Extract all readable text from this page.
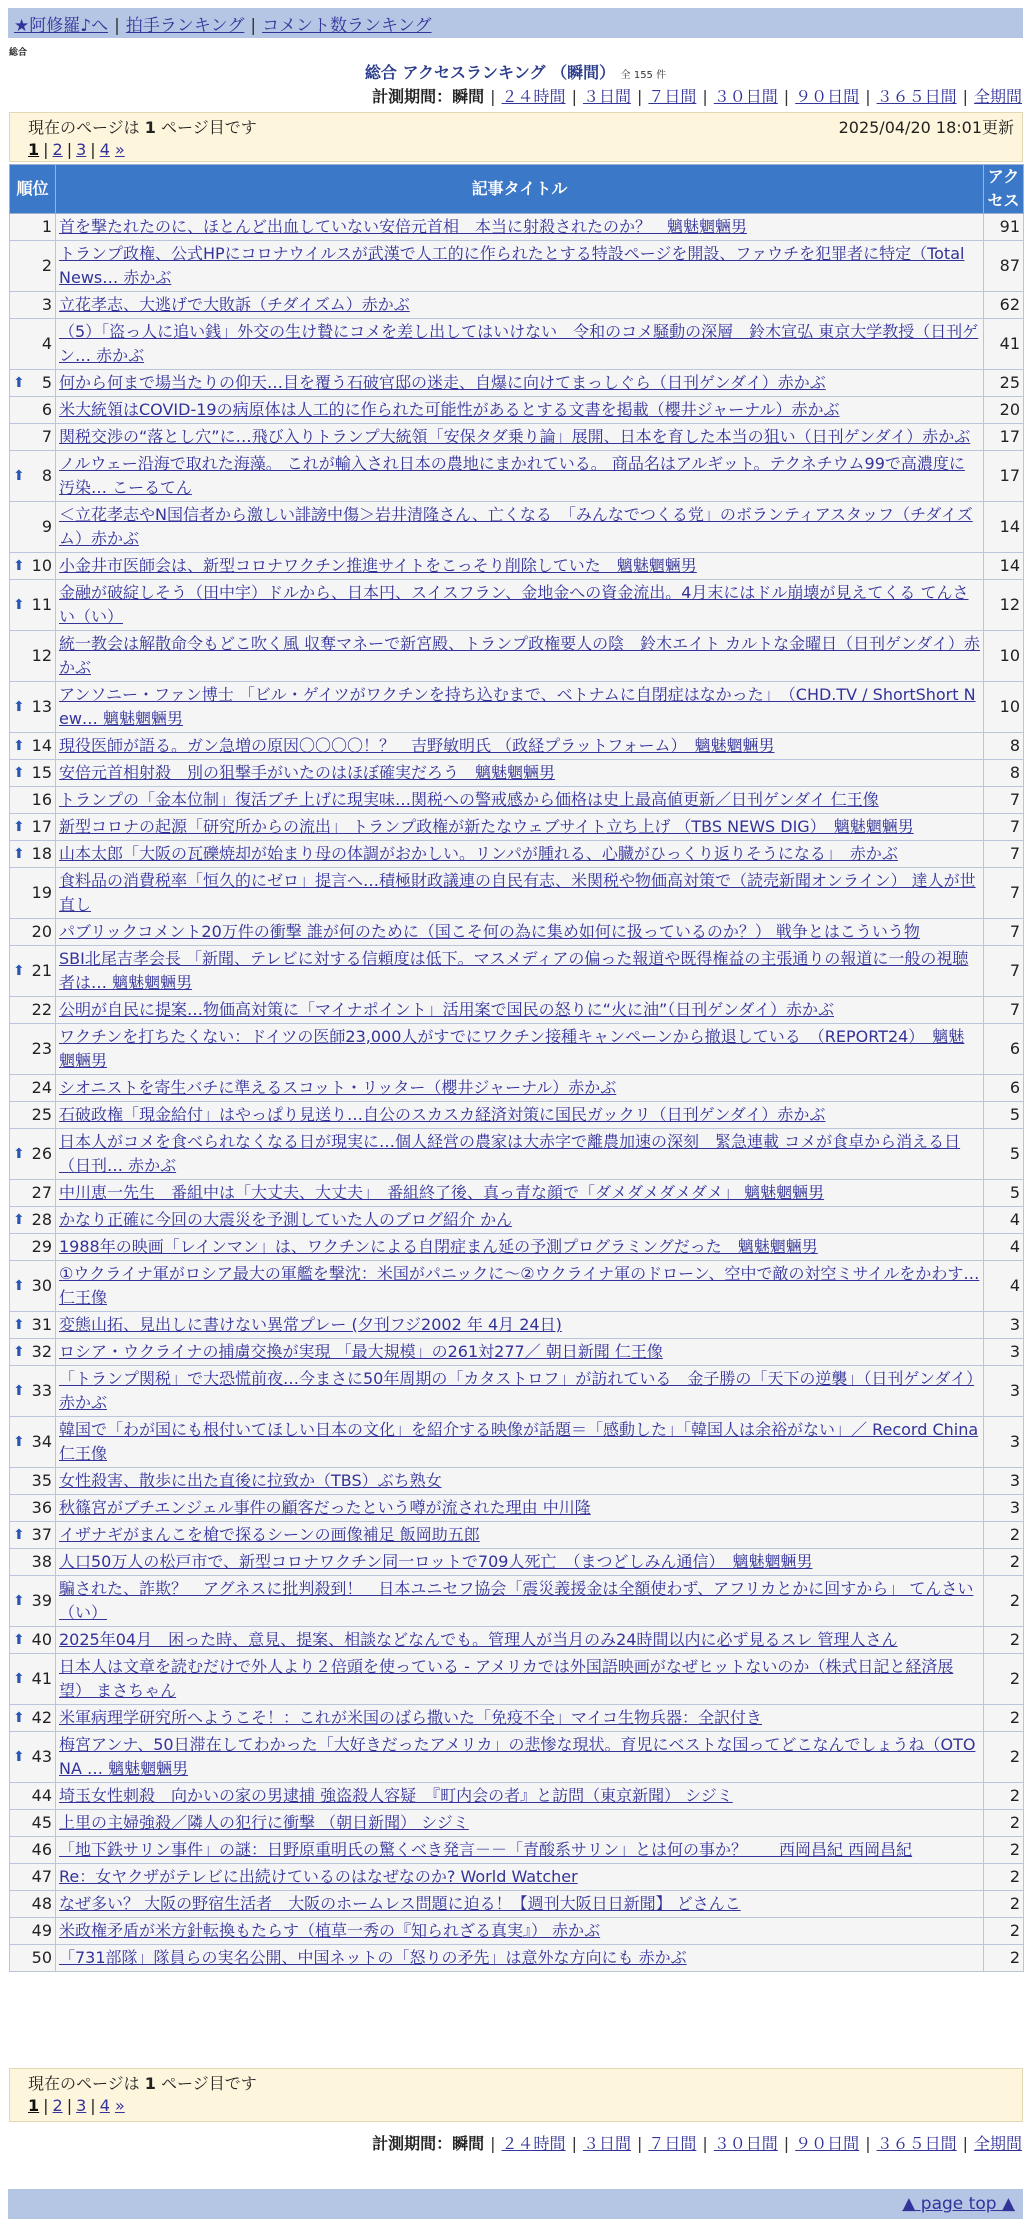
★阿修羅♪へ | 拍手ランキング | コメント数ランキング
総合
総合 アクセスランキング （瞬間） 全 155 件
計測期間：瞬間 | ２４時間 | ３日間 | ７日間 | ３０日間 | ９０日間 | ３６５日間 | 全期間
現在のページは 1 ページ目です	2025/04/20 18:01更新
1 | 2 | 3 | 4 »
順位	記事タイトル	アクセス
1	首を撃たれたのに、ほとんど出血していない安倍元首相　本当に射殺されたのか？　魑魅魍魎男	91
2	トランプ政権、公式HPにコロナウイルスが武漢で人工的に作られたとする特設ページを開設、ファウチを犯罪者に特定（Total News… 赤かぶ	87
3	立花孝志、大逃げで大敗訴（チダイズム）赤かぶ	62
4	（5）「盗っ人に追い銭」外交の生け贄にコメを差し出してはいけない　令和のコメ騒動の深層　鈴木宣弘 東京大学教授（日刊ゲン… 赤かぶ	41

⬆ 5	何から何まで場当たりの仰天…目を覆う石破官邸の迷走、自爆に向けてまっしぐら（日刊ゲンダイ）赤かぶ	25
6	米大統領はCOVID-19の病原体は人工的に作られた可能性があるとする文書を掲載（櫻井ジャーナル）赤かぶ	20
7	関税交渉の“落とし穴”に…飛び入りトランプ大統領「安保タダ乗り論」展開、日本を育した本当の狙い（日刊ゲンダイ）赤かぶ	17

⬆ 8	ノルウェー沿海で取れた海藻。 これが輸入され日本の農地にまかれている。 商品名はアルギット。テクネチウム99で高濃度に汚染… こーるてん	17
9	＜立花孝志やN国信者から激しい誹謗中傷＞岩井清隆さん、亡くなる　「みんなでつくる党」のボランティアスタッフ（チダイズム）赤かぶ	14

⬆ 10	小金井市医師会は、新型コロナワクチン推進サイトをこっそり削除していた　魑魅魍魎男	14

⬆ 11	金融が破綻しそう（田中宇）ドルから、日本円、スイスフラン、金地金への資金流出。4月末にはドル崩壊が見えてくる てんさい（い）	12
12	統一教会は解散命令もどこ吹く風 収奪マネーで新宮殿、トランプ政権要人の陰　鈴木エイト カルトな金曜日（日刊ゲンダイ）赤かぶ	10

⬆ 13	アンソニー・ファン博士 「ビル・ゲイツがワクチンを持ち込むまで、ベトナムに自閉症はなかった」　（CHD.TV / ShortShort New… 魑魅魍魎男	10

⬆ 14	現役医師が語る。ガン急増の原因〇〇〇〇！？　吉野敏明氏 （政経プラットフォーム）　魑魅魍魎男	8

⬆ 15	安倍元首相射殺　別の狙撃手がいたのはほぼ確実だろう　魑魅魍魎男	8
16	トランプの「金本位制」復活ブチ上げに現実味…関税への警戒感から価格は史上最高値更新／日刊ゲンダイ 仁王像	7

⬆ 17	新型コロナの起源「研究所からの流出」 トランプ政権が新たなウェブサイト立ち上げ （TBS NEWS DIG）　魑魅魍魎男	7

⬆ 18	山本太郎「大阪の瓦礫焼却が始まり母の体調がおかしい。リンパが腫れる、心臓がひっくり返りそうになる」　赤かぶ	7
19	食料品の消費税率「恒久的にゼロ」提言へ…積極財政議連の自民有志、米関税や物価高対策で（読売新聞オンライン） 達人が世直し	7
20	パブリックコメント20万件の衝撃 誰が何のために（国こそ何の為に集め如何に扱っているのか？） 戦争とはこういう物	7

⬆ 21	SBI北尾吉孝会長 「新聞、テレビに対する信頼度は低下。マスメディアの偏った報道や既得権益の主張通りの報道に一般の視聴者は… 魑魅魍魎男	7
22	公明が自民に提案…物価高対策に「マイナポイント」活用案で国民の怒りに“火に油”（日刊ゲンダイ）赤かぶ	7
23	ワクチンを打ちたくない：ドイツの医師23,000人がすでにワクチン接種キャンペーンから撤退している　（REPORT24）　魑魅魍魎男	6
24	シオニストを寄生バチに準えるスコット・リッター（櫻井ジャーナル）赤かぶ	6
25	石破政権「現金給付」はやっぱり見送り…自公のスカスカ経済対策に国民ガックリ（日刊ゲンダイ）赤かぶ	5

⬆ 26	日本人がコメを食べられなくなる日が現実に…個人経営の農家は大赤字で離農加速の深刻　緊急連載 コメが食卓から消える日（日刊… 赤かぶ	5
27	中川恵一先生　番組中は「大丈夫、大丈夫」　番組終了後、真っ青な顔で「ダメダメダメダメ」 魑魅魍魎男	5

⬆ 28	かなり正確に今回の大震災を予測していた人のブログ紹介 かん	4
29	1988年の映画「レインマン」は、ワクチンによる自閉症まん延の予測プログラミングだった　魑魅魍魎男	4

⬆ 30	①ウクライナ軍がロシア最大の軍艦を撃沈：米国がパニックに～②ウクライナ軍のドローン、空中で敵の対空ミサイルをかわす… 仁王像	4

⬆ 31	変態山拓、見出しに書けない異常プレー (夕刊フジ2002 年 4月 24日)	3

⬆ 32	ロシア・ウクライナの捕虜交換が実現 「最大規模」の261対277／ 朝日新聞 仁王像	3

⬆ 33	「トランプ関税」で大恐慌前夜…今まさに50年周期の「カタストロフ」が訪れている　金子勝の「天下の逆襲」（日刊ゲンダイ）赤かぶ	3

⬆ 34	韓国で「わが国にも根付いてほしい日本の文化」を紹介する映像が話題＝「感動した」「韓国人は余裕がない」／ Record China 仁王像	3
35	女性殺害、散歩に出た直後に拉致か（TBS）ぶち熟女	3
36	秋篠宮がブチエンジェル事件の顧客だったという噂が流された理由 中川隆	3

⬆ 37	イザナギがまんこを槍で探るシーンの画像補足 飯岡助五郎	2
38	人口50万人の松戸市で、新型コロナワクチン同一ロットで709人死亡　（まつどしみん通信）　魑魅魍魎男	2

⬆ 39	騙された、詐欺？　アグネスに批判殺到！　日本ユニセフ協会「震災義援金は全額使わず、アフリカとかに回すから」 てんさい（い）	2

⬆ 40	2025年04月　困った時、意見、提案、相談などなんでも。管理人が当月のみ24時間以内に必ず見るスレ 管理人さん	2

⬆ 41	日本人は文章を読むだけで外人より２倍頭を使っている - アメリカでは外国語映画がなぜヒットないのか（株式日記と経済展望） まさちゃん	2

⬆ 42	米軍病理学研究所へようこそ！：これが米国のばら撒いた「免疫不全」マイコ生物兵器：全訳付き	2

⬆ 43	梅宮アンナ、50日滞在してわかった「大好きだったアメリカ」の悲惨な現状。育児にベストな国ってどこなんでしょうね（OTONA … 魑魅魍魎男	2
44	埼玉女性刺殺　向かいの家の男逮捕 強盗殺人容疑　『町内会の者』と訪問（東京新聞） シジミ	2
45	上里の主婦強殺／隣人の犯行に衝撃 （朝日新聞） シジミ	2
46	「地下鉄サリン事件」の謎：日野原重明氏の驚くべき発言－－「青酸系サリン」とは何の事か？　　西岡昌紀 西岡昌紀	2
47	Re：女ヤクザがテレビに出続けているのはなぜなのか? World Watcher	2
48	なぜ多い？ 大阪の野宿生活者　大阪のホームレス問題に迫る！【週刊大阪日日新聞】 どさんこ	2
49	米政権矛盾が米方針転換もたらす（植草一秀の『知られざる真実』） 赤かぶ	2
50	「731部隊」隊員らの実名公開、中国ネットの「怒りの矛先」は意外な方向にも 赤かぶ	2
現在のページは 1 ページ目です
1 | 2 | 3 | 4 »
計測期間：瞬間 | ２４時間 | ３日間 | ７日間 | ３０日間 | ９０日間 | ３６５日間 | 全期間
▲ page top ▲
